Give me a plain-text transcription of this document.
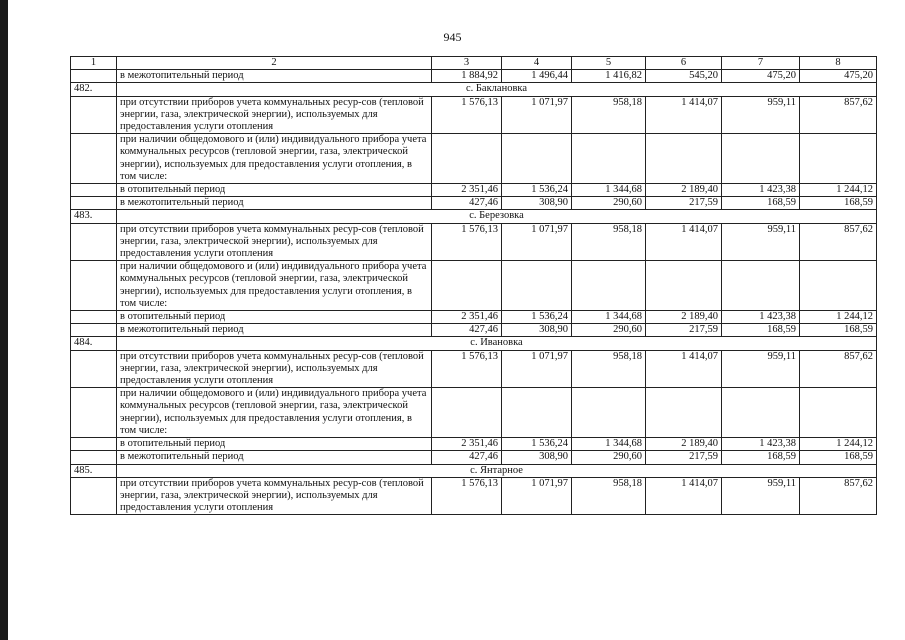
945
1	2	3	4	5	6	7	8
	в межотопительный период	1 884,92	1 496,44	1 416,82	545,20	475,20	475,20
482.	с. Баклановка						
	при отсутствии приборов учета коммунальных ресур-сов (тепловой энергии, газа, электрической энергии), используемых для предоставления услуги отопления	1 576,13	1 071,97	958,18	1 414,07	959,11	857,62
	при наличии общедомового и (или) индивидуального прибора учета коммунальных ресурсов (тепловой энергии, газа, электрической энергии), используемых для предоставления услуги отопления, в том числе:						
	в отопительный период	2 351,46	1 536,24	1 344,68	2 189,40	1 423,38	1 244,12
	в межотопительный период	427,46	308,90	290,60	217,59	168,59	168,59
483.	с. Березовка						
	при отсутствии приборов учета коммунальных ресур-сов (тепловой энергии, газа, электрической энергии), используемых для предоставления услуги отопления	1 576,13	1 071,97	958,18	1 414,07	959,11	857,62
	при наличии общедомового и (или) индивидуального прибора учета коммунальных ресурсов (тепловой энергии, газа, электрической энергии), используемых для предоставления услуги отопления, в том числе:						
	в отопительный период	2 351,46	1 536,24	1 344,68	2 189,40	1 423,38	1 244,12
	в межотопительный период	427,46	308,90	290,60	217,59	168,59	168,59
484.	с. Ивановка						
	при отсутствии приборов учета коммунальных ресур-сов (тепловой энергии, газа, электрической энергии), используемых для предоставления услуги отопления	1 576,13	1 071,97	958,18	1 414,07	959,11	857,62
	при наличии общедомового и (или) индивидуального прибора учета коммунальных ресурсов (тепловой энергии, газа, электрической энергии), используемых для предоставления услуги отопления, в том числе:						
	в отопительный период	2 351,46	1 536,24	1 344,68	2 189,40	1 423,38	1 244,12
	в межотопительный период	427,46	308,90	290,60	217,59	168,59	168,59
485.	с. Янтарное						
	при отсутствии приборов учета коммунальных ресур-сов (тепловой энергии, газа, электрической энергии), используемых для предоставления услуги отопления	1 576,13	1 071,97	958,18	1 414,07	959,11	857,62
